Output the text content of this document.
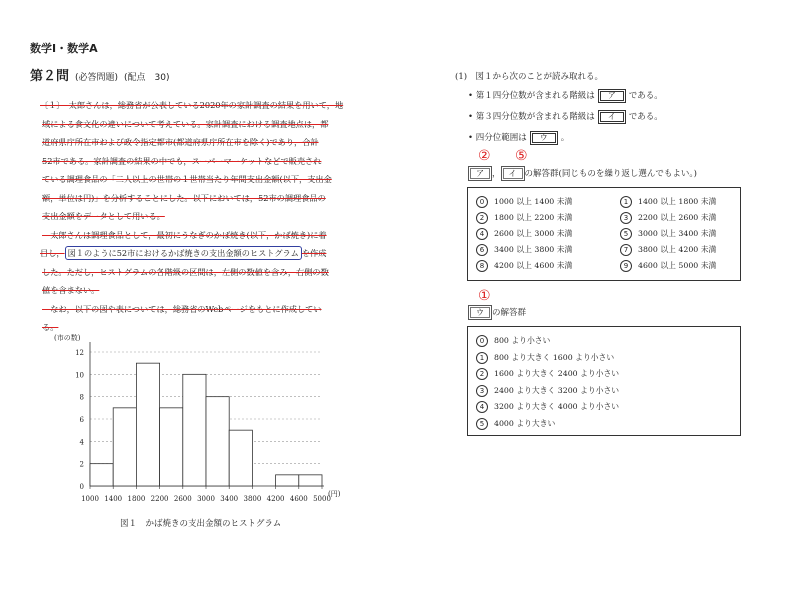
数学Ⅰ・数学A
第２問 (必答問題) (配点　30)
〔１〕　太郎さんは，総務省が公表している2020年の家計調査の結果を用いて，地
域による食文化の違いについて考えている。家計調査における調査地点は，都
道府県庁所在市および政令指定都市(都道府県庁所在市を除く)であり，合計
52市である。家計調査の結果の中でも，スーパーマーケットなどで販売され
ている調理食品の「二人以上の世帯の１世帯当たり年間支出金額(以下，支出金
額，単位は円)」を分析することにした。以下においては，52市の調理食品の
支出金額をデータとして用いる。
　太郎さんは調理食品として，最初にうなぎのかば焼き(以下，かば焼き)に着
目し， 図１のように52市におけるかば焼きの支出金額のヒストグラム を作成
した。ただし，ヒストグラムの各階級の区間は，左側の数値を含み，右側の数
値を含まない。
　なお，以下の図や表については，総務省のWebページをもとに作成してい
る。
0
2
4
6
8
10
12
1000 1400 1800 2200 2600 3000 3400 3800 4200 4600 5000
(市の数)
(円)
図１　かば焼きの支出金額のヒストグラム
(1)　図１から次のことが読み取れる。
• 第１四分位数が含まれる階級は ア である。
• 第３四分位数が含まれる階級は イ である。
• 四分位範囲は ウ 。
② ⑤
ア ， イ の解答群(同じものを繰り返し選んでもよい。)
0 1000 以上 1400 未満	1 1400 以上 1800 未満
2 1800 以上 2200 未満	3 2200 以上 2600 未満
4 2600 以上 3000 未満	5 3000 以上 3400 未満
6 3400 以上 3800 未満	7 3800 以上 4200 未満
8 4200 以上 4600 未満	9 4600 以上 5000 未満
①
ウ の解答群
0 800 より小さい
1 800 より大きく 1600 より小さい
2 1600 より大きく 2400 より小さい
3 2400 より大きく 3200 より小さい
4 3200 より大きく 4000 より小さい
5 4000 より大きい
